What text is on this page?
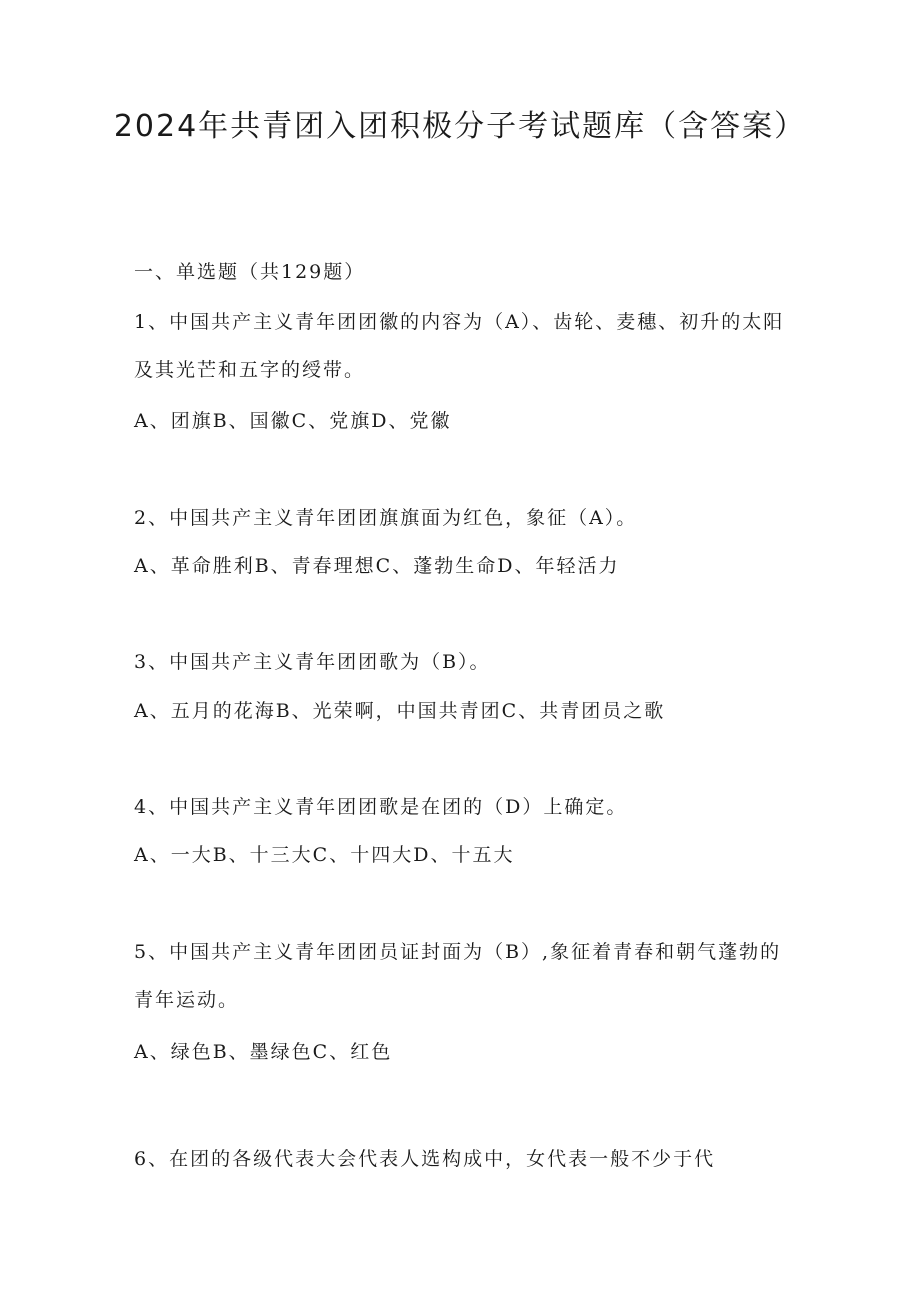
2024年共青团入团积极分子考试题库（含答案）

一、单选题（共129题）

1、中国共产主义青年团团徽的内容为（A）、齿轮、麦穗、初升的太阳及其光芒和五字的绶带。

A、团旗B、国徽C、党旗D、党徽

2、中国共产主义青年团团旗旗面为红色，象征（A）。

A、革命胜利B、青春理想C、蓬勃生命D、年轻活力

3、中国共产主义青年团团歌为（B）。

A、五月的花海B、光荣啊，中国共青团C、共青团员之歌

4、中国共产主义青年团团歌是在团的（D）上确定。

A、一大B、十三大C、十四大D、十五大

5、中国共产主义青年团团员证封面为（B）,象征着青春和朝气蓬勃的青年运动。

A、绿色B、墨绿色C、红色

6、在团的各级代表大会代表人选构成中，女代表一般不少于代
